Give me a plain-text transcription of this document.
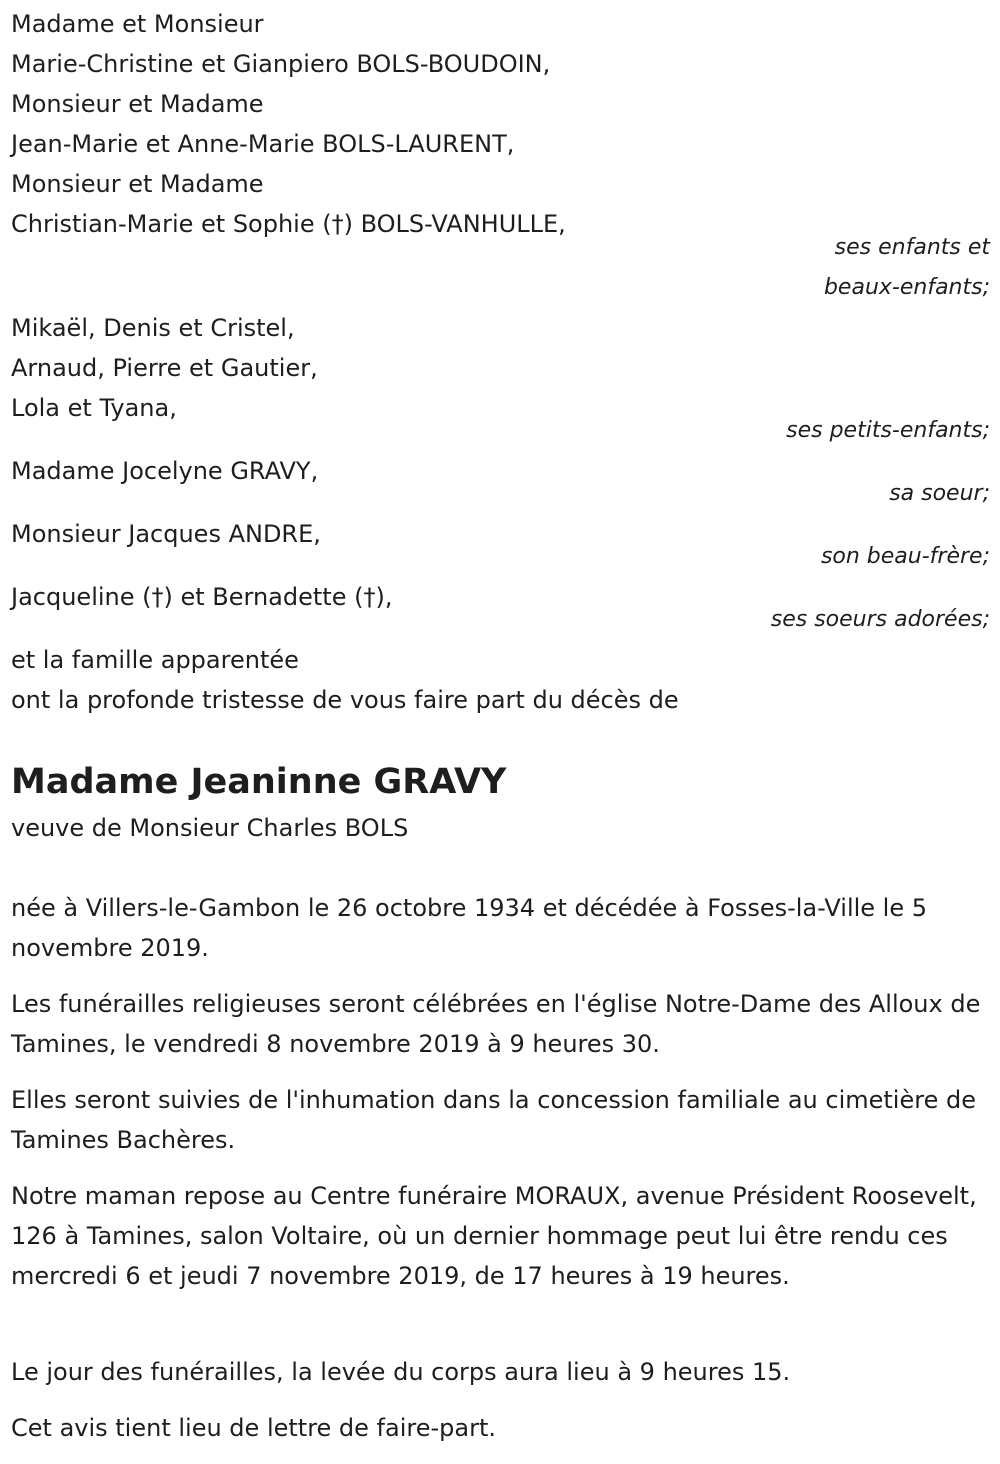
Madame et Monsieur

Marie-Christine et Gianpiero BOLS-BOUDOIN,

Monsieur et Madame

Jean-Marie et Anne-Marie BOLS-LAURENT,

Monsieur et Madame

Christian-Marie et Sophie (†) BOLS-VANHULLE,

ses enfants et

beaux-enfants;

Mikaël, Denis et Cristel,

Arnaud, Pierre et Gautier,

Lola et Tyana,

ses petits-enfants;

Madame Jocelyne GRAVY,

sa soeur;

Monsieur Jacques ANDRE,

son beau-frère;

Jacqueline (†) et Bernadette (†),

ses soeurs adorées;

et la famille apparentée

ont la profonde tristesse de vous faire part du décès de

Madame Jeaninne GRAVY

veuve de Monsieur Charles BOLS

née à Villers-le-Gambon le 26 octobre 1934 et décédée à Fosses-la-Ville le 5 novembre 2019.

Les funérailles religieuses seront célébrées en l'église Notre-Dame des Alloux de Tamines, le vendredi 8 novembre 2019 à 9 heures 30.

Elles seront suivies de l'inhumation dans la concession familiale au cimetière de Tamines Bachères.

Notre maman repose au Centre funéraire MORAUX, avenue Président Roosevelt, 126 à Tamines, salon Voltaire, où un dernier hommage peut lui être rendu ces mercredi 6 et jeudi 7 novembre 2019, de 17 heures à 19 heures.

Le jour des funérailles, la levée du corps aura lieu à 9 heures 15.

Cet avis tient lieu de lettre de faire-part.
